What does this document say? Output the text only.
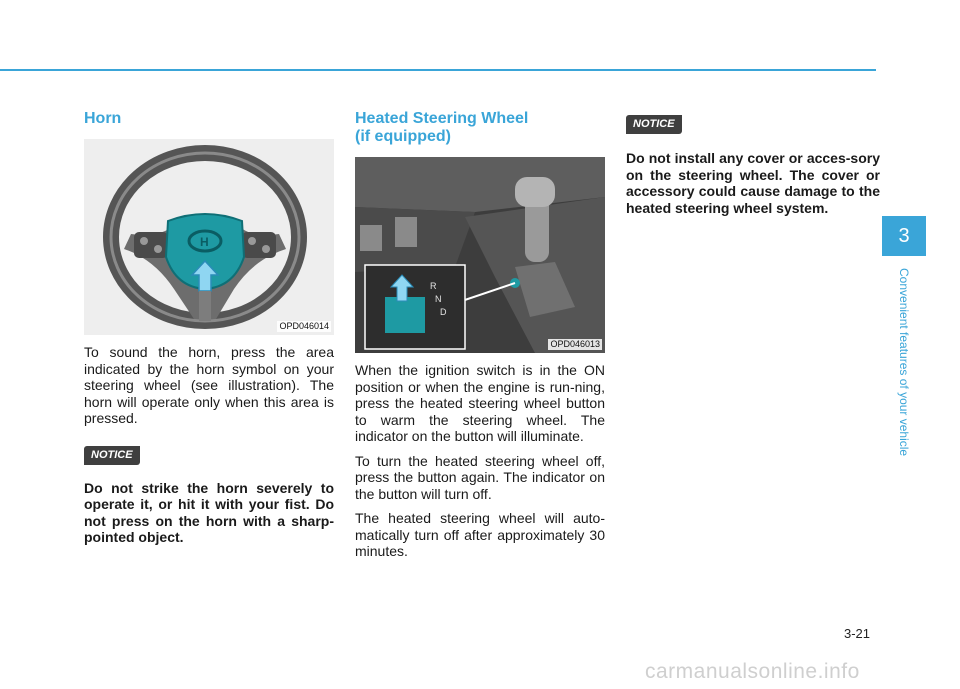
Horn
H
OPD046014

To sound the horn, press the area indicated by the horn symbol on your steering wheel (see illustration). The horn will operate only when this area is pressed.

NOTICE

Do not strike the horn severely to operate it, or hit it with your fist. Do not press on the horn with a sharp-pointed object.

Heated Steering Wheel
(if equipped)
R
N
D
OPD046013

When the ignition switch is in the ON position or when the engine is run-ning, press the heated steering wheel button to warm the steering wheel. The indicator on the button will illuminate.

To turn the heated steering wheel off, press the button again. The indicator on the button will turn off.

The heated steering wheel will auto-matically turn off after approximately 30 minutes.

NOTICE

Do not install any cover or acces-sory on the steering wheel. The cover or accessory could cause damage to the heated steering wheel system.

3
Convenient features of your vehicle
3-21
carmanualsonline.info
